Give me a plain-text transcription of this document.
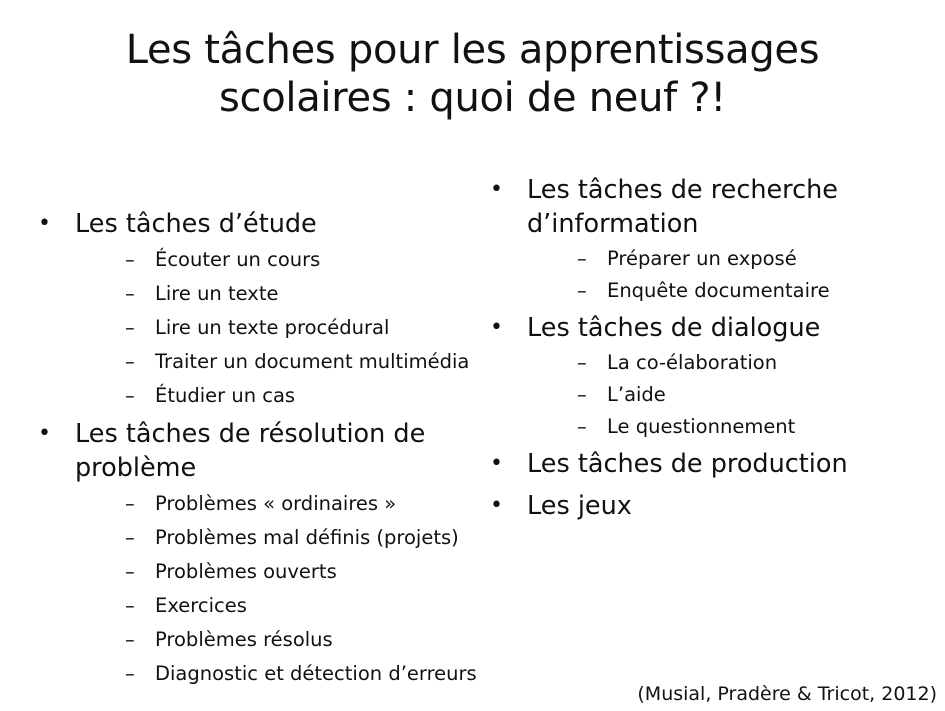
Les tâches pour les apprentissages
scolaires : quoi de neuf ?!
• Les tâches d’étude
– Écouter un cours
– Lire un texte
– Lire un texte procédural
– Traiter un document multimédia
– Étudier un cas
• Les tâches de résolution de problème
– Problèmes « ordinaires »
– Problèmes mal définis (projets)
– Problèmes ouverts
– Exercices
– Problèmes résolus
– Diagnostic et détection d’erreurs
• Les tâches de recherche d’information
– Préparer un exposé
– Enquête documentaire
• Les tâches de dialogue
– La co-élaboration
– L’aide
– Le questionnement
• Les tâches de production
• Les jeux
(Musial, Pradère & Tricot, 2012)
